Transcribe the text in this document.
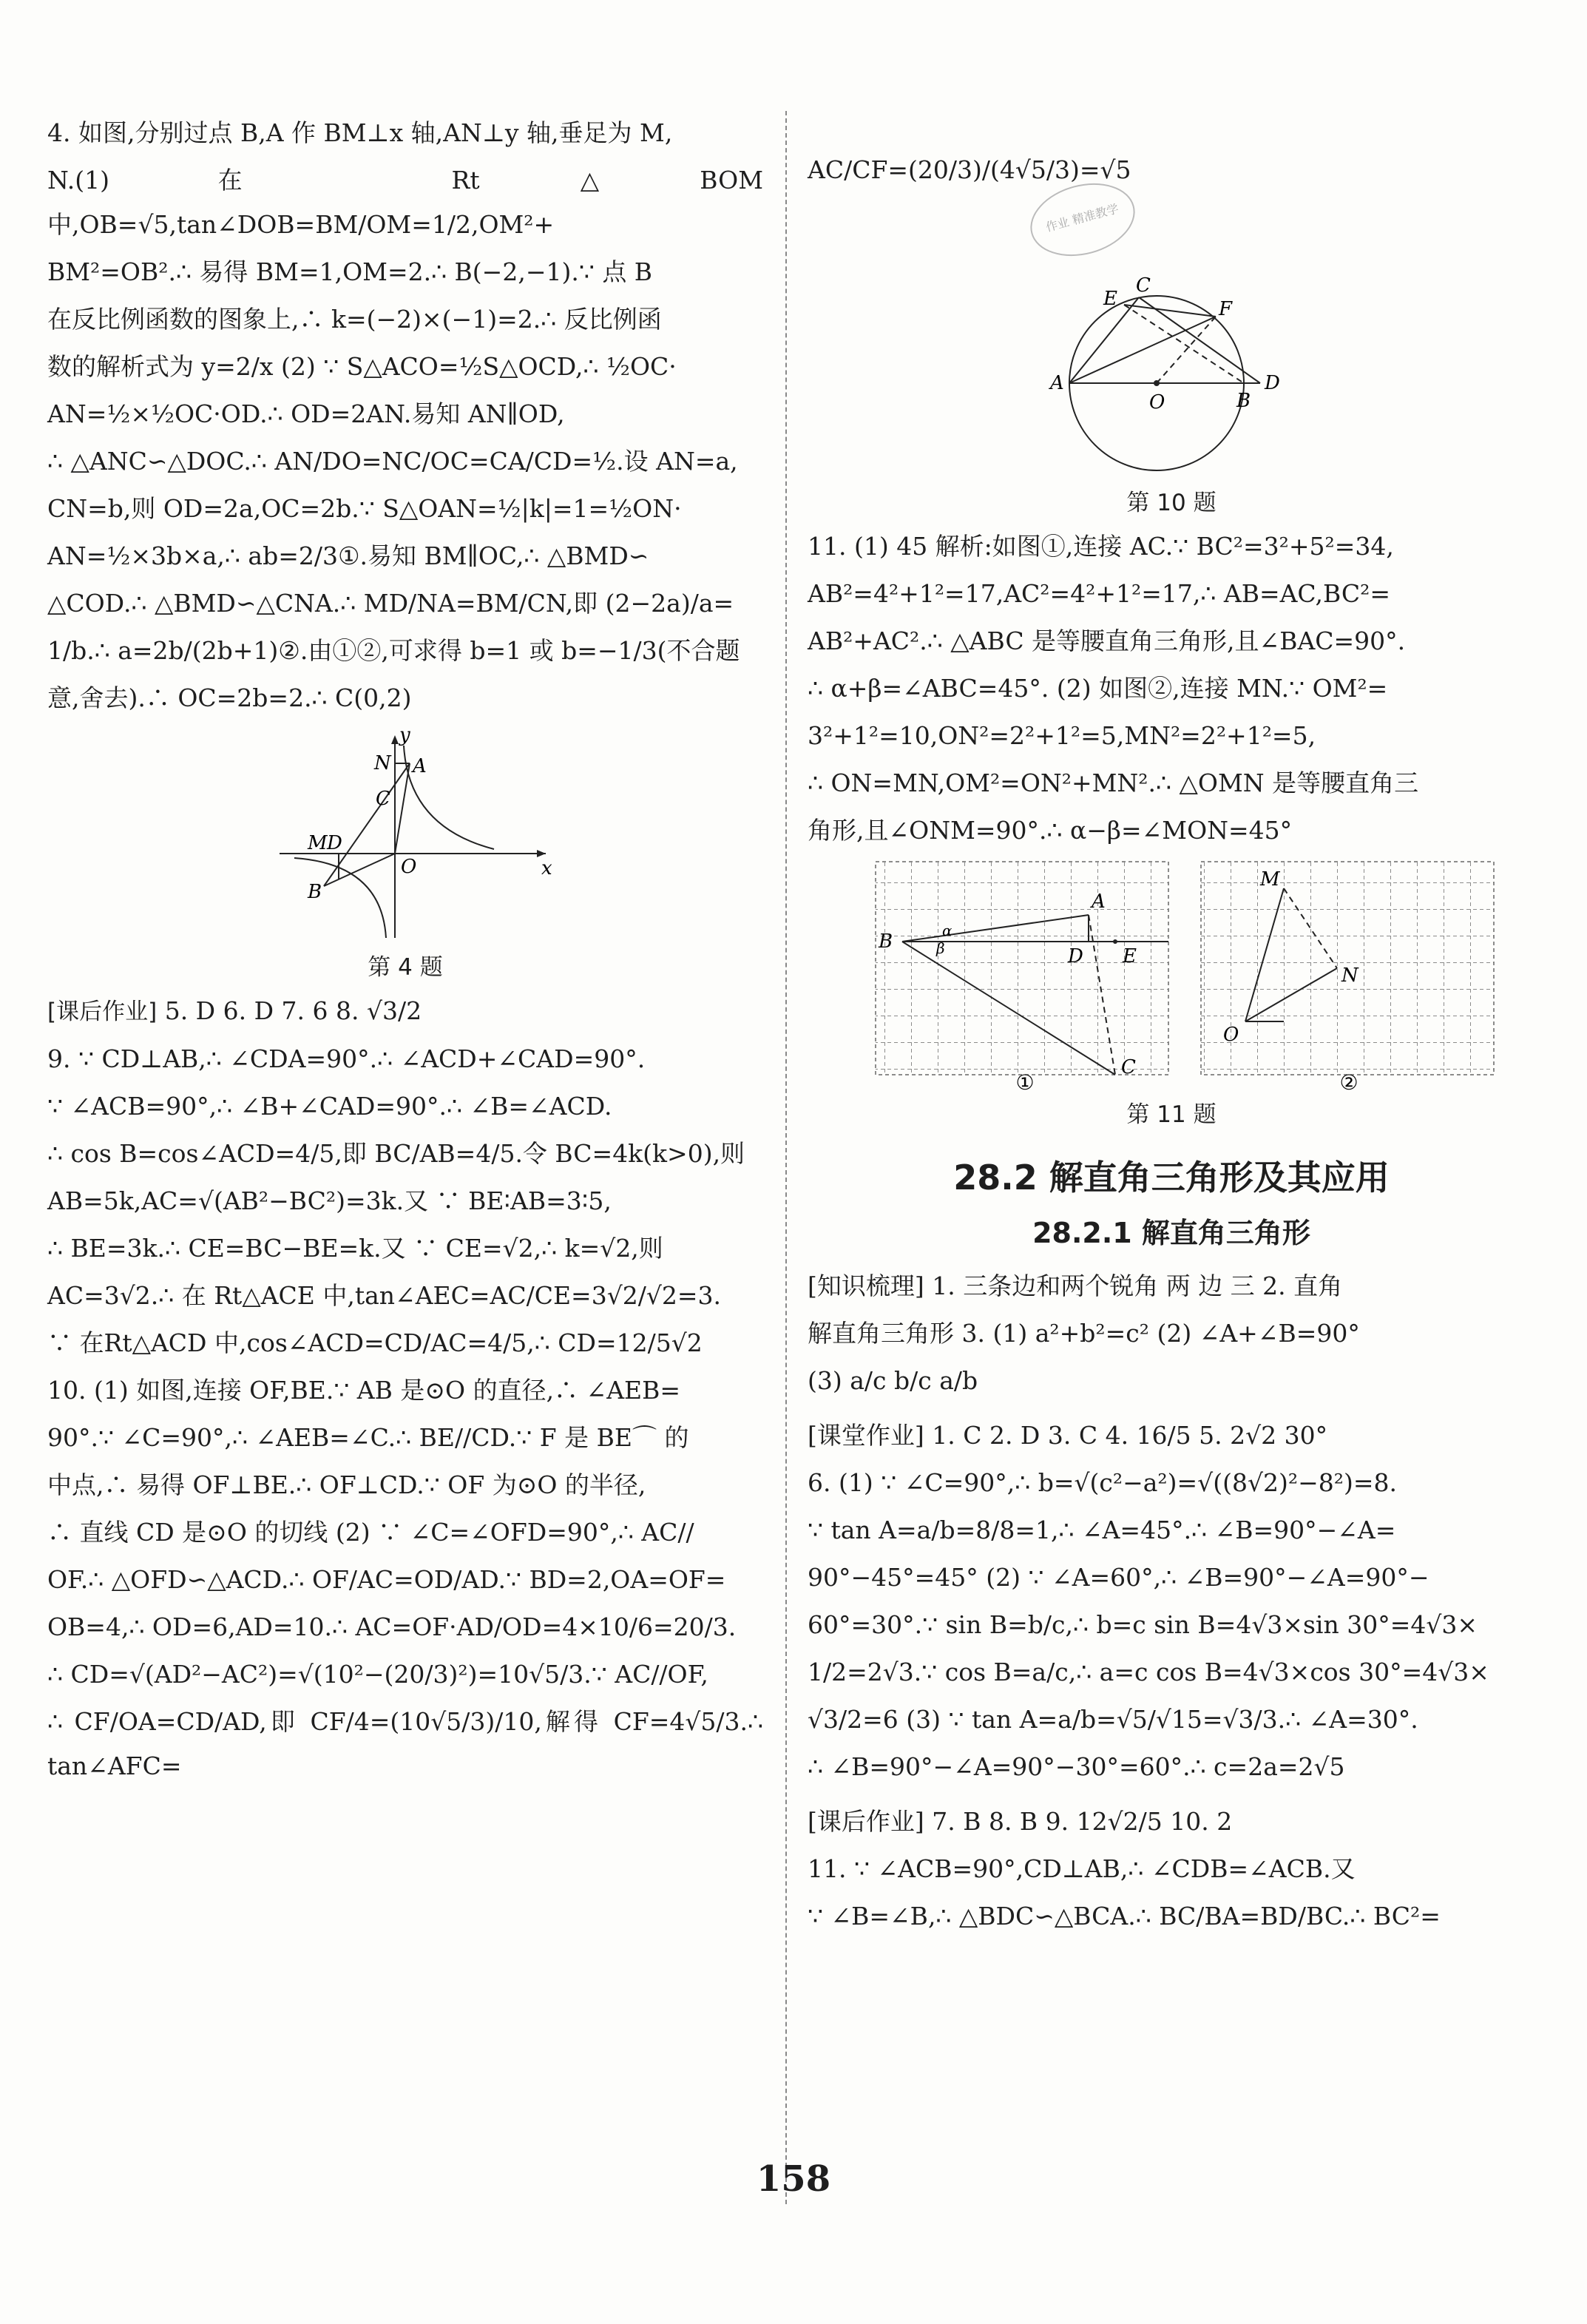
4. 如图,分别过点 B,A 作 BM⊥x 轴,AN⊥y 轴,垂足为 M,

N.(1) 在 Rt△BOM 中,OB=√5,tan∠DOB=BM/OM=1/2,OM²+

BM²=OB².∴ 易得 BM=1,OM=2.∴ B(−2,−1).∵ 点 B

在反比例函数的图象上,∴ k=(−2)×(−1)=2.∴ 反比例函

数的解析式为 y=2/x (2) ∵ S△ACO=½S△OCD,∴ ½OC·

AN=½×½OC·OD.∴ OD=2AN.易知 AN∥OD,

∴ △ANC∽△DOC.∴ AN/DO=NC/OC=CA/CD=½.设 AN=a,

CN=b,则 OD=2a,OC=2b.∵ S△OAN=½|k|=1=½ON·

AN=½×3b×a,∴ ab=2/3①.易知 BM∥OC,∴ △BMD∽

△COD.∴ △BMD∽△CNA.∴ MD/NA=BM/CN,即 (2−2a)/a=

1/b.∴ a=2b/(2b+1)②.由①②,可求得 b=1 或 b=−1/3(不合题

意,舍去).∴ OC=2b=2.∴ C(0,2)

y
x
N A
C
M D
O
B
第 4 题

[课后作业] 5. D 6. D 7. 6 8. √3/2

9. ∵ CD⊥AB,∴ ∠CDA=90°.∴ ∠ACD+∠CAD=90°.

∵ ∠ACB=90°,∴ ∠B+∠CAD=90°.∴ ∠B=∠ACD.

∴ cos B=cos∠ACD=4/5,即 BC/AB=4/5.令 BC=4k(k>0),则

AB=5k,AC=√(AB²−BC²)=3k.又 ∵ BE∶AB=3∶5,

∴ BE=3k.∴ CE=BC−BE=k.又 ∵ CE=√2,∴ k=√2,则

AC=3√2.∴ 在 Rt△ACE 中,tan∠AEC=AC/CE=3√2/√2=3.

∵ 在Rt△ACD 中,cos∠ACD=CD/AC=4/5,∴ CD=12/5√2

10. (1) 如图,连接 OF,BE.∵ AB 是⊙O 的直径,∴ ∠AEB=

90°.∵ ∠C=90°,∴ ∠AEB=∠C.∴ BE//CD.∵ F 是 BE⌒ 的

中点,∴ 易得 OF⊥BE.∴ OF⊥CD.∵ OF 为⊙O 的半径,

∴ 直线 CD 是⊙O 的切线 (2) ∵ ∠C=∠OFD=90°,∴ AC//

OF.∴ △OFD∽△ACD.∴ OF/AC=OD/AD.∵ BD=2,OA=OF=

OB=4,∴ OD=6,AD=10.∴ AC=OF·AD/OD=4×10/6=20/3.

∴ CD=√(AD²−AC²)=√(10²−(20/3)²)=10√5/3.∵ AC//OF,

∴ CF/OA=CD/AD,即 CF/4=(10√5/3)/10,解得 CF=4√5/3.∴ tan∠AFC=

AC/CF=(20/3)/(4√5/3)=√5

作业 精准教学
C
E	F
A
O	B
D
第 10 题

11. (1) 45 解析:如图①,连接 AC.∵ BC²=3²+5²=34,

AB²=4²+1²=17,AC²=4²+1²=17,∴ AB=AC,BC²=

AB²+AC².∴ △ABC 是等腰直角三角形,且∠BAC=90°.

∴ α+β=∠ABC=45°. (2) 如图②,连接 MN.∵ OM²=

3²+1²=10,ON²=2²+1²=5,MN²=2²+1²=5,

∴ ON=MN,OM²=ON²+MN².∴ △OMN 是等腰直角三

角形,且∠ONM=90°.∴ α−β=∠MON=45°

A
B
D E
C
α
β
M
N
O
①	②
第 11 题
28.2 解直角三角形及其应用
28.2.1 解直角三角形

[知识梳理] 1. 三条边和两个锐角 两 边 三 2. 直角

解直角三角形 3. (1) a²+b²=c² (2) ∠A+∠B=90°

(3) a/c b/c a/b

[课堂作业] 1. C 2. D 3. C 4. 16/5 5. 2√2 30°

6. (1) ∵ ∠C=90°,∴ b=√(c²−a²)=√((8√2)²−8²)=8.

∵ tan A=a/b=8/8=1,∴ ∠A=45°.∴ ∠B=90°−∠A=

90°−45°=45° (2) ∵ ∠A=60°,∴ ∠B=90°−∠A=90°−

60°=30°.∵ sin B=b/c,∴ b=c sin B=4√3×sin 30°=4√3×

1/2=2√3.∵ cos B=a/c,∴ a=c cos B=4√3×cos 30°=4√3×

√3/2=6 (3) ∵ tan A=a/b=√5/√15=√3/3.∴ ∠A=30°.

∴ ∠B=90°−∠A=90°−30°=60°.∴ c=2a=2√5

[课后作业] 7. B 8. B 9. 12√2/5 10. 2

11. ∵ ∠ACB=90°,CD⊥AB,∴ ∠CDB=∠ACB.又

∵ ∠B=∠B,∴ △BDC∽△BCA.∴ BC/BA=BD/BC.∴ BC²=

158
